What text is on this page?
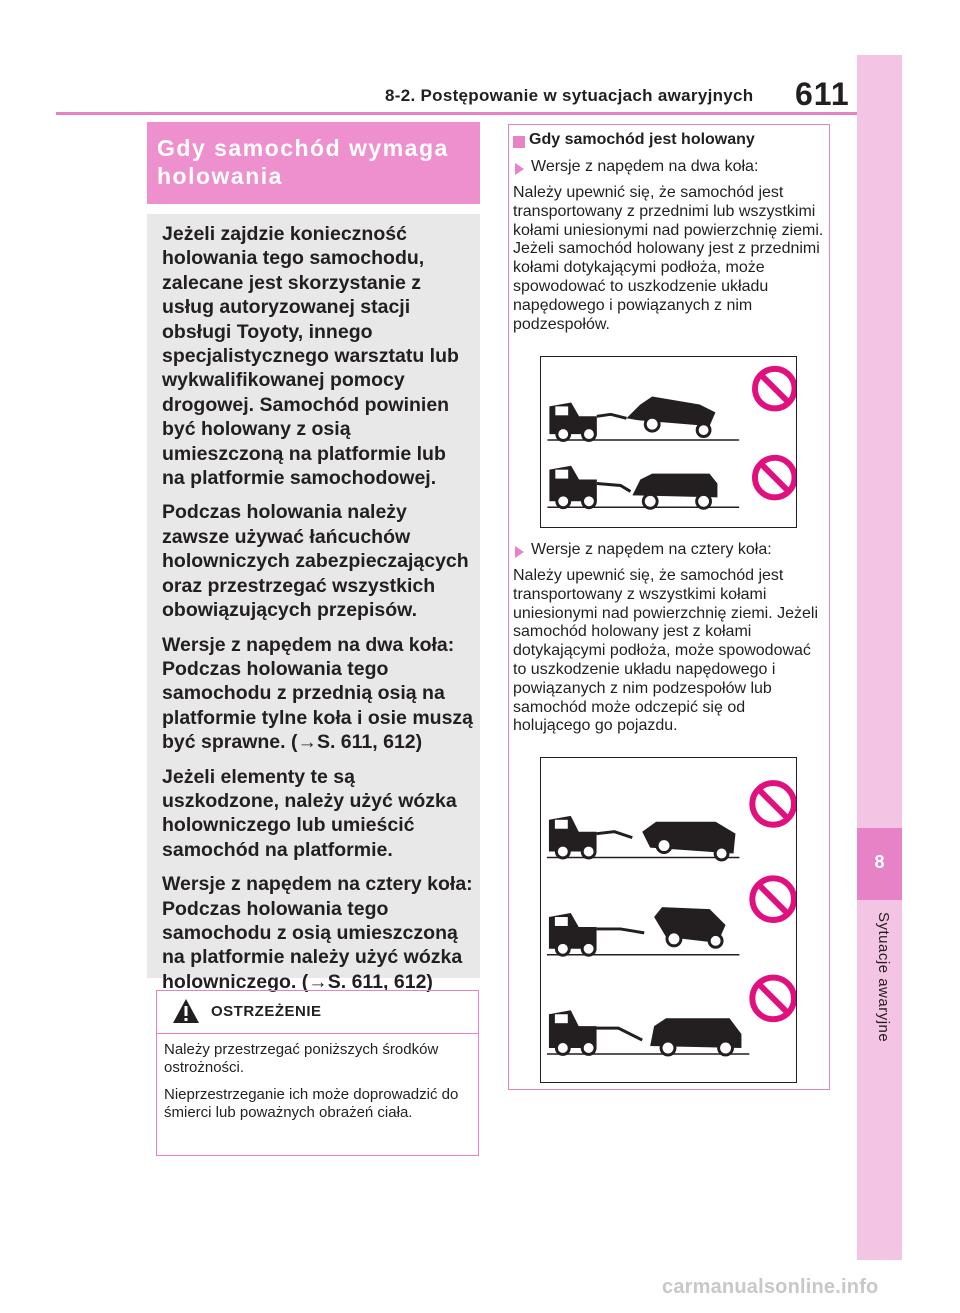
8-2. Postępowanie w sytuacjach awaryjnych 611
8
Sytuacje awaryjne
Gdy samochód wymaga holowania

Jeżeli zajdzie konieczność holowania tego samochodu, zalecane jest skorzystanie z usług autoryzowanej stacji obsługi Toyoty, innego specjalistycznego warsztatu lub wykwalifikowanej pomocy drogowej. Samochód powinien być holowany z osią umieszczoną na platformie lub na platformie samochodowej.

Podczas holowania należy zawsze używać łańcuchów holowniczych zabezpieczających oraz przestrzegać wszystkich obowiązujących przepisów.

Wersje z napędem na dwa koła: Podczas holowania tego samochodu z przednią osią na platformie tylne koła i osie muszą być sprawne. (→S. 611, 612)

Jeżeli elementy te są uszkodzone, należy użyć wózka holowniczego lub umieścić samochód na platformie.

Wersje z napędem na cztery koła: Podczas holowania tego samochodu z osią umieszczoną na platformie należy użyć wózka holowniczego. (→S. 611, 612)

OSTRZEŻENIE
Należy przestrzegać poniższych środków ostrożności.
Nieprzestrzeganie ich może doprowadzić do śmierci lub poważnych obrażeń ciała.
Gdy samochód jest holowany
Wersje z napędem na dwa koła:
Należy upewnić się, że samochód jest transportowany z przednimi lub wszystkimi kołami uniesionymi nad powierzchnię ziemi. Jeżeli samochód holowany jest z przednimi kołami dotykającymi podłoża, może spowodować to uszkodzenie układu napędowego i powiązanych z nim podzespołów.
Wersje z napędem na cztery koła:
Należy upewnić się, że samochód jest transportowany z wszystkimi kołami uniesionymi nad powierzchnię ziemi. Jeżeli samochód holowany jest z kołami dotykającymi podłoża, może spowodować to uszkodzenie układu napędowego i powiązanych z nim podzespołów lub samochód może odczepić się od holującego go pojazdu.
carmanualsonline.info
